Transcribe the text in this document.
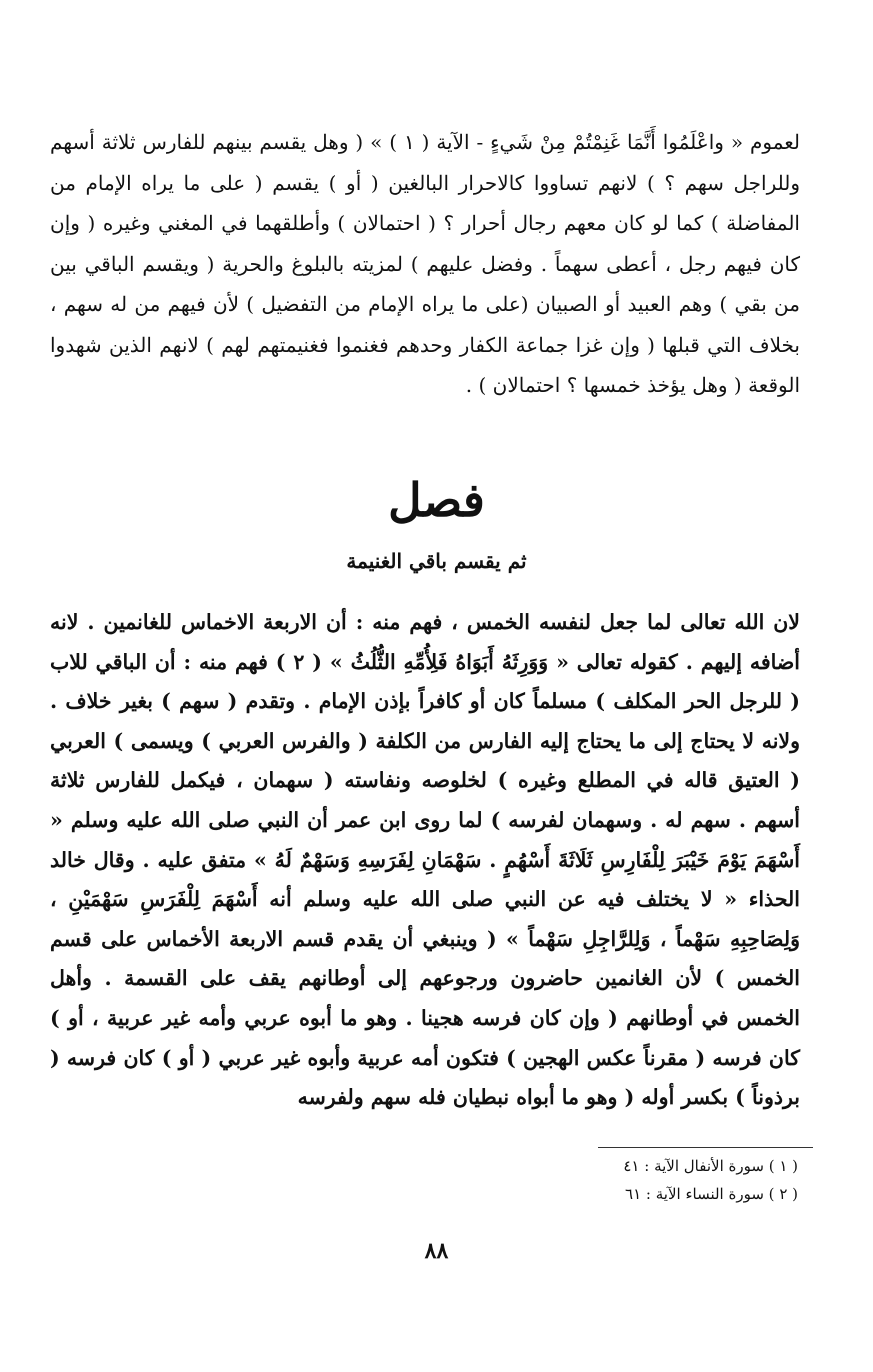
لعموم « واعْلَمُوا أَنَّمَا غَنِمْتُمْ مِنْ شَيءٍ - الآية ( ١ ) » ( وهل يقسم بينهم للفارس ثلاثة أسهم وللراجل سهم ؟ ) لانهم تساووا كالاحرار البالغين ( أو ) يقسم ( على ما يراه الإمام من المفاضلة ) كما لو كان معهم رجال أحرار ؟ ( احتمالان ) وأطلقهما في المغني وغيره ( وإن كان فيهم رجل ، أعطى سهماً . وفضل عليهم ) لمزيته بالبلوغ والحرية ( ويقسم الباقي بين من بقي ) وهم العبيد أو الصبيان (على ما يراه الإمام من التفضيل ) لأن فيهم من له سهم ، بخلاف التي قبلها ( وإن غزا جماعة الكفار وحدهم فغنموا فغنيمتهم لهم ) لانهم الذين شهدوا الوقعة ( وهل يؤخذ خمسها ؟ احتمالان ) .

فصل
ثم يقسم باقي الغنيمة

لان الله تعالى لما جعل لنفسه الخمس ، فهم منه : أن الاربعة الاخماس للغانمين . لانه أضافه إليهم . كقوله تعالى « وَوَرِثَهُ أَبَوَاهُ فَلِأُمِّهِ الثُّلُثُ » ( ٢ ) فهم منه : أن الباقي للاب ( للرجل الحر المكلف ) مسلماً كان أو كافراً بإذن الإمام . وتقدم ( سهم ) بغير خلاف . ولانه لا يحتاج إلى ما يحتاج إليه الفارس من الكلفة ( والفرس العربي ) ويسمى ) العربي ( العتيق قاله في المطلع وغيره ) لخلوصه ونفاسته ( سهمان ، فيكمل للفارس ثلاثة أسهم . سهم له . وسهمان لفرسه ) لما روى ابن عمر أن النبي صلى الله عليه وسلم « أَسْهَمَ يَوْمَ خَيْبَرَ لِلْفَارِسِ ثَلَاثَةَ أَسْهُمٍ . سَهْمَانِ لِفَرَسِهِ وَسَهْمٌ لَهُ » متفق عليه . وقال خالد الحذاء « لا يختلف فيه عن النبي صلى الله عليه وسلم أنه أَسْهَمَ لِلْفَرَسِ سَهْمَيْنِ ، وَلِصَاحِبِهِ سَهْماً ، وَلِلرَّاجِلِ سَهْماً » ( وينبغي أن يقدم قسم الاربعة الأخماس على قسم الخمس ) لأن الغانمين حاضرون ورجوعهم إلى أوطانهم يقف على القسمة . وأهل الخمس في أوطانهم ( وإن كان فرسه هجينا . وهو ما أبوه عربي وأمه غير عربية ، أو ) كان فرسه ( مقرناً عكس الهجين ) فتكون أمه عربية وأبوه غير عربي ( أو ) كان فرسه ( برذوناً ) بكسر أوله ( وهو ما أبواه نبطيان فله سهم ولفرسه

( ١ ) سورة الأنفال الآية : ٤١
( ٢ ) سورة النساء الآية : ٦١
٨٨
